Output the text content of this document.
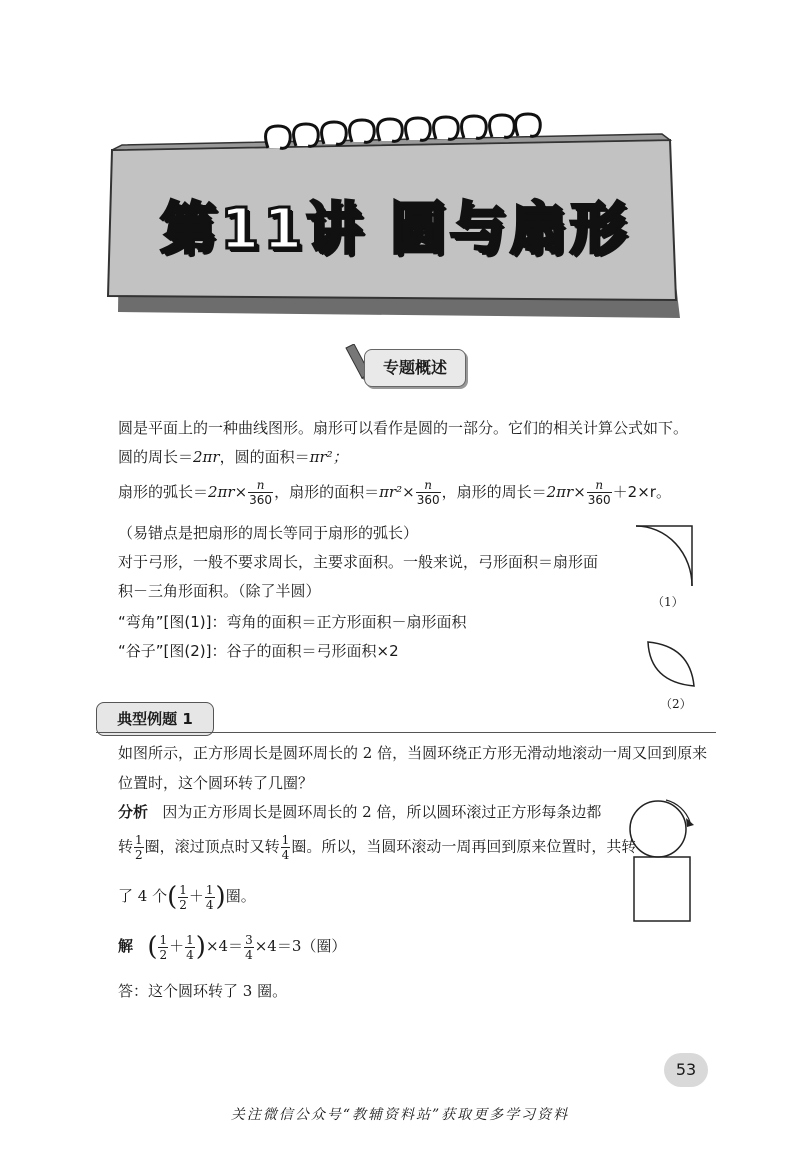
第11讲 圆与扇形
专题概述
圆是平面上的一种曲线图形。扇形可以看作是圆的一部分。它们的相关计算公式如下。
圆的周长＝2πr，圆的面积＝πr²；
扇形的弧长$=2\pi r\times \frac{n}{360}$ ，扇形的面积$=\pi r^2\times \frac{n}{360}$ ，扇形的周长$=2\pi r\times \frac{n}{360} +2\times r$。
（易错点是把扇形的周长等同于扇形的弧长）
对于弓形，一般不要求周长，主要求面积。一般来说，弓形面积＝扇形面
积－三角形面积。（除了半圆）
“弯角”[图(1)]：弯角的面积＝正方形面积－扇形面积
“谷子”[图(2)]：谷子的面积＝弓形面积×2
（1）
（2）
典型例题 1
如图所示，正方形周长是圆环周长的 2 倍，当圆环绕正方形无滑动地滚动一周又回到原来
位置时，这个圆环转了几圈？
分析 因为正方形周长是圆环周长的 2 倍，所以圆环滚过正方形每条边都
转 $\frac{1}{2}$ 圈，滚过顶点时又转 $\frac{1}{4}$ 圈。所以，当圆环滚动一周再回到原来位置时，共转
了 4 个( $\frac{1}{2} + \frac{1}{4}$ )圈。
解 ( $\frac{1}{2} + \frac{1}{4} )\times 4= \frac{3}{4} \times 4=3$（圈）
答：这个圆环转了 3 圈。
53
关注微信公众号“教辅资料站”获取更多学习资料
